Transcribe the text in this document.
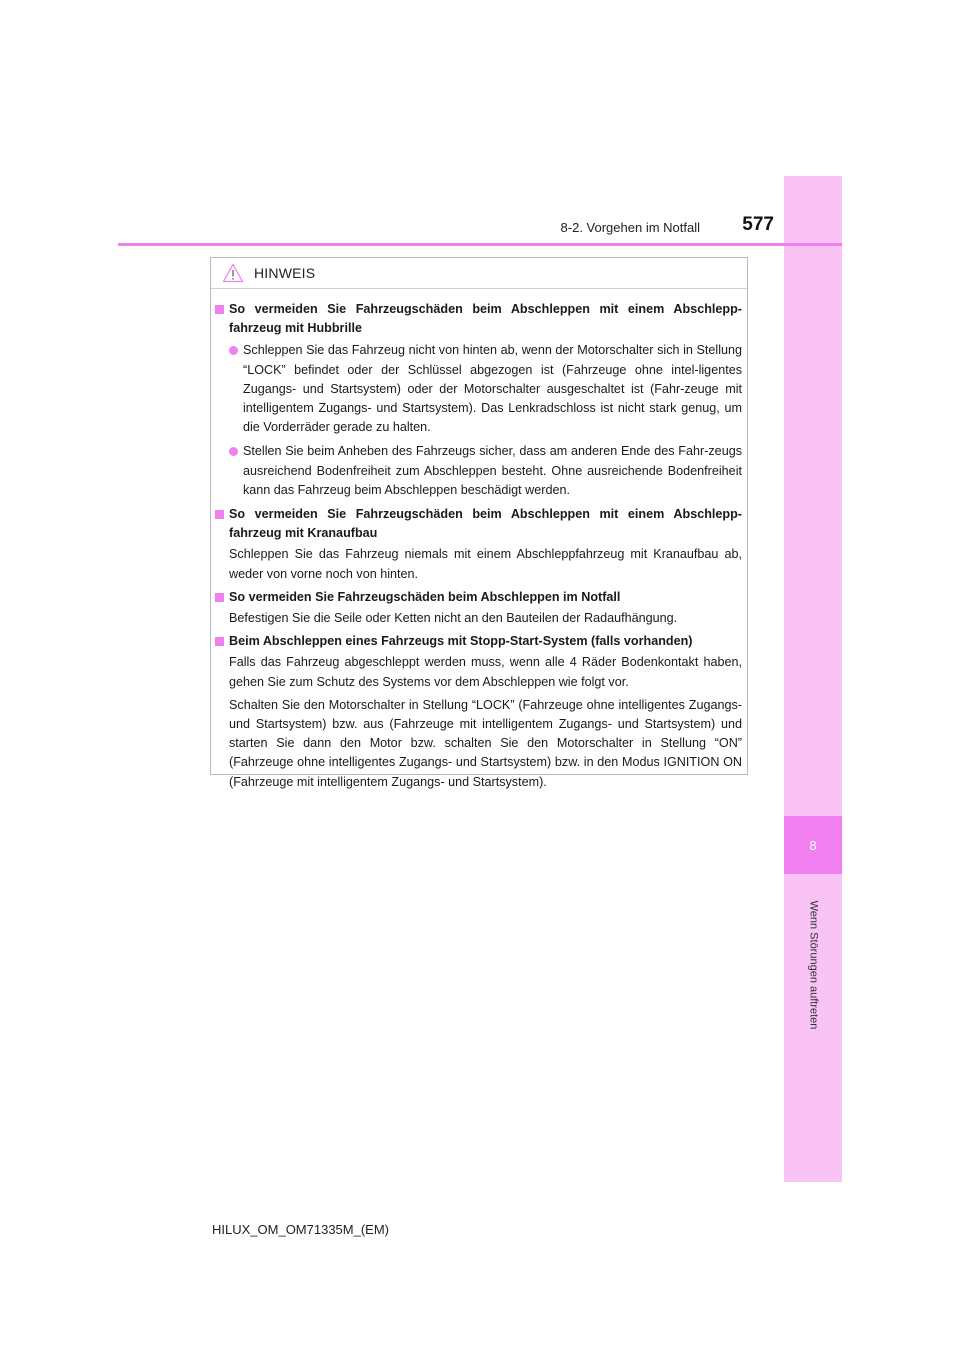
8
Wenn Störungen auftreten
8-2. Vorgehen im Notfall	577
HINWEIS
So vermeiden Sie Fahrzeugschäden beim Abschleppen mit einem Abschlepp-fahrzeug mit Hubbrille
Schleppen Sie das Fahrzeug nicht von hinten ab, wenn der Motorschalter sich in Stellung “LOCK” befindet oder der Schlüssel abgezogen ist (Fahrzeuge ohne intel-ligentes Zugangs- und Startsystem) oder der Motorschalter ausgeschaltet ist (Fahr-zeuge mit intelligentem Zugangs- und Startsystem). Das Lenkradschloss ist nicht stark genug, um die Vorderräder gerade zu halten.
Stellen Sie beim Anheben des Fahrzeugs sicher, dass am anderen Ende des Fahr-zeugs ausreichend Bodenfreiheit zum Abschleppen besteht. Ohne ausreichende Bodenfreiheit kann das Fahrzeug beim Abschleppen beschädigt werden.
So vermeiden Sie Fahrzeugschäden beim Abschleppen mit einem Abschlepp-fahrzeug mit Kranaufbau
Schleppen Sie das Fahrzeug niemals mit einem Abschleppfahrzeug mit Kranaufbau ab, weder von vorne noch von hinten.
So vermeiden Sie Fahrzeugschäden beim Abschleppen im Notfall
Befestigen Sie die Seile oder Ketten nicht an den Bauteilen der Radaufhängung.
Beim Abschleppen eines Fahrzeugs mit Stopp-Start-System (falls vorhanden)
Falls das Fahrzeug abgeschleppt werden muss, wenn alle 4 Räder Bodenkontakt haben, gehen Sie zum Schutz des Systems vor dem Abschleppen wie folgt vor.
Schalten Sie den Motorschalter in Stellung “LOCK” (Fahrzeuge ohne intelligentes Zugangs- und Startsystem) bzw. aus (Fahrzeuge mit intelligentem Zugangs- und Startsystem) und starten Sie dann den Motor bzw. schalten Sie den Motorschalter in Stellung “ON” (Fahrzeuge ohne intelligentes Zugangs- und Startsystem) bzw. in den Modus IGNITION ON (Fahrzeuge mit intelligentem Zugangs- und Startsystem).
HILUX_OM_OM71335M_(EM)
